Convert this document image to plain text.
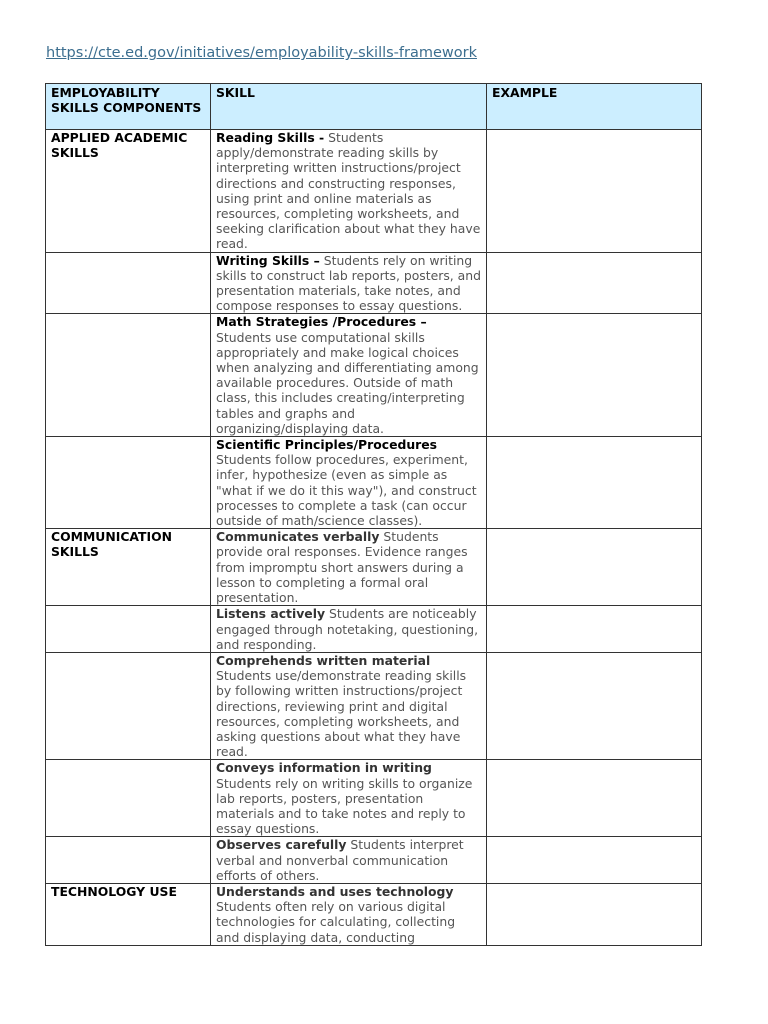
https://cte.ed.gov/initiatives/employability-skills-framework
EMPLOYABILITY SKILLS COMPONENTS	SKILL	EXAMPLE
APPLIED ACADEMIC SKILLS	Reading Skills - Students apply/demonstrate reading skills by interpreting written instructions/project directions and constructing responses, using print and online materials as resources, completing worksheets, and seeking clarification about what they have read.	
	Writing Skills – Students rely on writing skills to construct lab reports, posters, and presentation materials, take notes, and compose responses to essay questions.	
	Math Strategies /Procedures – Students use computational skills appropriately and make logical choices when analyzing and differentiating among available procedures. Outside of math class, this includes creating/interpreting tables and graphs and organizing/displaying data.	
	Scientific Principles/Procedures Students follow procedures, experiment, infer, hypothesize (even as simple as "what if we do it this way"), and construct processes to complete a task (can occur outside of math/science classes).	
COMMUNICATION SKILLS	Communicates verbally Students provide oral responses. Evidence ranges from impromptu short answers during a lesson to completing a formal oral presentation.	
	Listens actively Students are noticeably engaged through notetaking, questioning, and responding.	
	Comprehends written material Students use/demonstrate reading skills by following written instructions/project directions, reviewing print and digital resources, completing worksheets, and asking questions about what they have read.	
	Conveys information in writing Students rely on writing skills to organize lab reports, posters, presentation materials and to take notes and reply to essay questions.	
	Observes carefully Students interpret verbal and nonverbal communication efforts of others.	
TECHNOLOGY USE	Understands and uses technology Students often rely on various digital technologies for calculating, collecting and displaying data, conducting	
